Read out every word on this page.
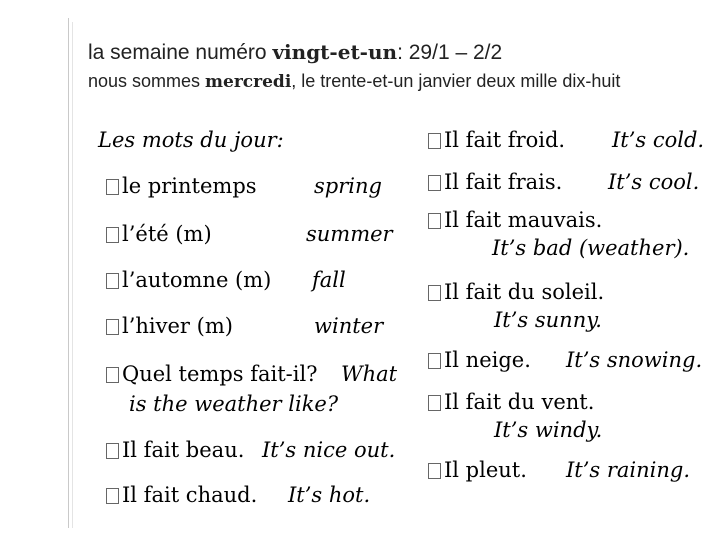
la semaine numéro vingt-et-un: 29/1 – 2/2
nous sommes mercredi, le trente-et-un janvier deux mille dix-huit
Les mots du jour:
le printemps	spring
l’été (m)	summer
l’automne (m) fall
l’hiver (m)	winter
Quel temps fait-il? What
is the weather like?
Il fait beau. It’s nice out.
Il fait chaud. It’s hot.
Il fait froid. It’s cold.
Il fait frais. It’s cool.
Il fait mauvais.
It’s bad (weather).
Il fait du soleil.
It’s sunny.
Il neige. It’s snowing.
Il fait du vent.
It’s windy.
Il pleut. It’s raining.
